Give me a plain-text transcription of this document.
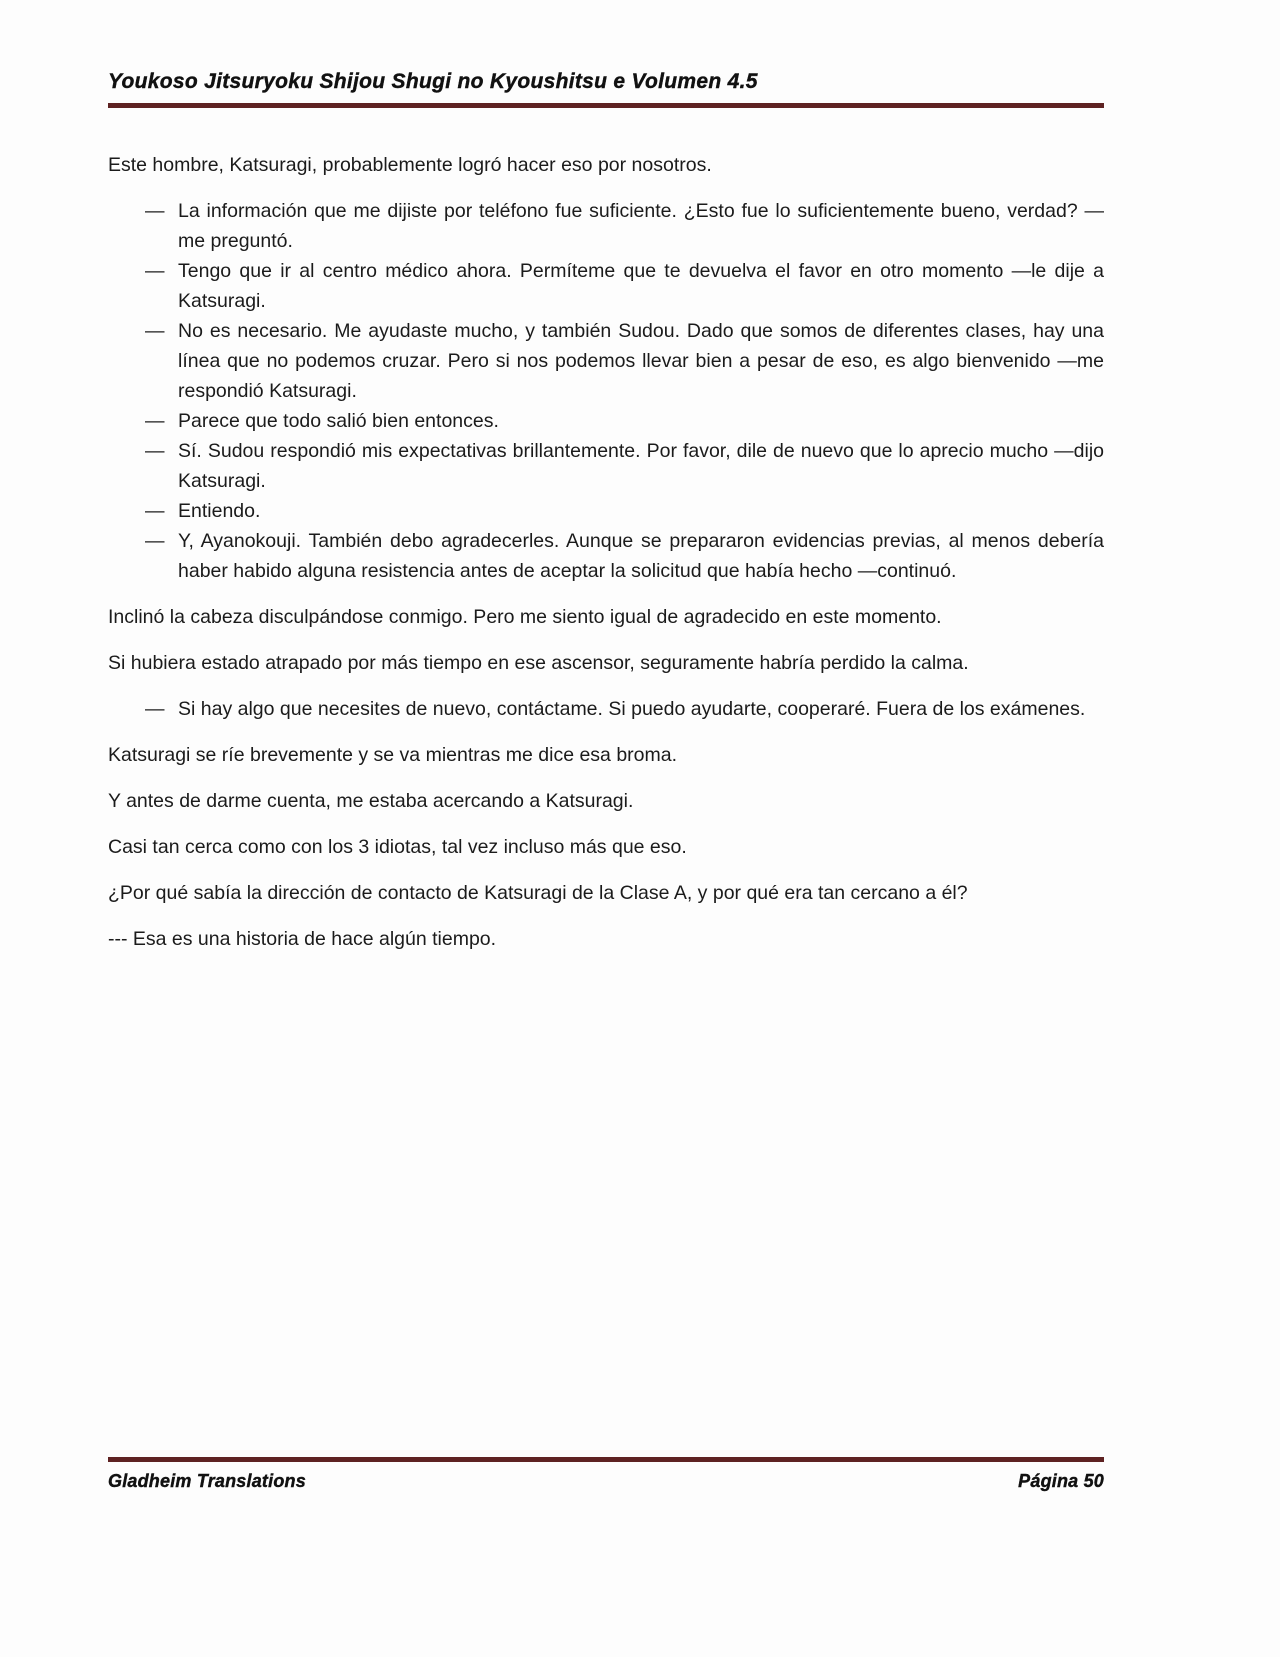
Youkoso Jitsuryoku Shijou Shugi no Kyoushitsu e Volumen 4.5

Este hombre, Katsuragi, probablemente logró hacer eso por nosotros.

— La información que me dijiste por teléfono fue suficiente. ¿Esto fue lo suficientemente bueno, verdad? —me preguntó.
— Tengo que ir al centro médico ahora. Permíteme que te devuelva el favor en otro momento —le dije a Katsuragi.
— No es necesario. Me ayudaste mucho, y también Sudou. Dado que somos de diferentes clases, hay una línea que no podemos cruzar. Pero si nos podemos llevar bien a pesar de eso, es algo bienvenido —me respondió Katsuragi.
— Parece que todo salió bien entonces.
— Sí. Sudou respondió mis expectativas brillantemente. Por favor, dile de nuevo que lo aprecio mucho —dijo Katsuragi.
— Entiendo.
— Y, Ayanokouji. También debo agradecerles. Aunque se prepararon evidencias previas, al menos debería haber habido alguna resistencia antes de aceptar la solicitud que había hecho —continuó.

Inclinó la cabeza disculpándose conmigo. Pero me siento igual de agradecido en este momento.

Si hubiera estado atrapado por más tiempo en ese ascensor, seguramente habría perdido la calma.

— Si hay algo que necesites de nuevo, contáctame. Si puedo ayudarte, cooperaré. Fuera de los exámenes.

Katsuragi se ríe brevemente y se va mientras me dice esa broma.

Y antes de darme cuenta, me estaba acercando a Katsuragi.

Casi tan cerca como con los 3 idiotas, tal vez incluso más que eso.

¿Por qué sabía la dirección de contacto de Katsuragi de la Clase A, y por qué era tan cercano a él?

--- Esa es una historia de hace algún tiempo.

Gladheim Translations	Página 50
